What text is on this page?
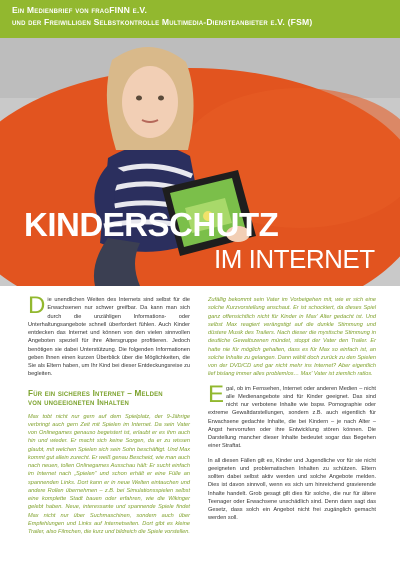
Ein Medienbrief von fragFINN e.V.
und der Freiwilligen Selbstkontrolle Multimedia-Diensteanbieter e.V. (FSM)
KINDERSCHUTZ
IM INTERNET

Die unendlichen Weiten des Internets sind selbst für die Erwachsenen nur schwer greifbar. Da kann man sich durch die unzähligen Informations- oder Unterhaltungsangebote schnell überfordert fühlen. Auch Kinder entdecken das Internet und können von den vielen sinnvollen Angeboten speziell für ihre Altersgruppe profitieren. Jedoch benötigen sie dabei Unterstützung. Die folgenden Informationen geben Ihnen einen kurzen Überblick über die Möglichkeiten, die Sie als Eltern haben, um Ihr Kind bei dieser Entdeckungsreise zu begleiten.

Für ein sicheres Internet – Melden
von ungeeigneten Inhalten

Max tobt nicht nur gern auf dem Spielplatz, der 9-Jährige verbringt auch gern Zeit mit Spielen im Internet. Da sein Vater von Onlinegames genauso begeistert ist, erlaubt er es ihm auch hin und wieder. Er macht sich keine Sorgen, da er zu wissen glaubt, mit welchen Spielen sich sein Sohn beschäftigt. Und Max kommt gut allein zurecht. Er weiß genau Bescheid, wie man auch nach neuen, tollen Onlinegames Ausschau hält: Er sucht einfach im Internet nach „Spielen“ und schon erhält er eine Fülle an spannenden Links. Dort kann er in neue Welten eintauchen und andere Rollen übernehmen – z.B. bei Simulationsspielen selbst eine komplette Stadt bauen oder erfahren, wie die Wikinger gelebt haben. Neue, interessante und spannende Spiele findet Max nicht nur über Suchmaschinen, sondern auch über Empfehlungen und Links auf Internetseiten. Dort gibt es kleine Trailer, also Filmchen, die kurz und bildreich die Spiele vorstellen.

Zufällig bekommt sein Vater im Vorbeigehen mit, wie er sich eine solche Kurzvorstellung anschaut. Er ist schockiert, da dieses Spiel ganz offensichtlich nicht für Kinder in Max' Alter gedacht ist. Und selbst Max reagiert verängstigt auf die dunkle Stimmung und düstere Musik des Trailers. Nach dieser die mystische Stimmung in deutliche Gewaltszenen mündet, stoppt der Vater den Trailer. Er hatte nie für möglich gehalten, dass es für Max so einfach ist, an solche Inhalte zu gelangen. Dann wählt doch zurück zu den Spielen von der DVD/CD und gar nicht mehr ins Internet? Aber eigentlich lief bislang immer alles problemlos… Max' Vater ist ziemlich ratlos.

Egal, ob im Fernsehen, Internet oder anderen Medien – nicht alle Medienangebote sind für Kinder geeignet. Das sind nicht nur verbotene Inhalte wie bspw. Pornographie oder extreme Gewaltdarstellungen, sondern z.B. auch eigentlich für Erwachsene gedachte Inhalte, die bei Kindern – je nach Alter – Angst hervorrufen oder ihre Entwicklung stören können. Die Darstellung mancher dieser Inhalte bedeutet sogar das Begehen einer Straftat.

In all diesen Fällen gilt es, Kinder und Jugendliche vor für sie nicht geeigneten und problematischen Inhalten zu schützen. Eltern sollten dabei selbst aktiv werden und solche Angebote melden. Dies ist davon sinnvoll, wenn es sich um hinreichend gravierende Inhalte handelt. Grob gesagt gilt dies für solche, die nur für ältere Teenager oder Erwachsene unschädlich sind. Denn dann sagt das Gesetz, dass solch ein Angebot nicht frei zugänglich gemacht werden soll.
